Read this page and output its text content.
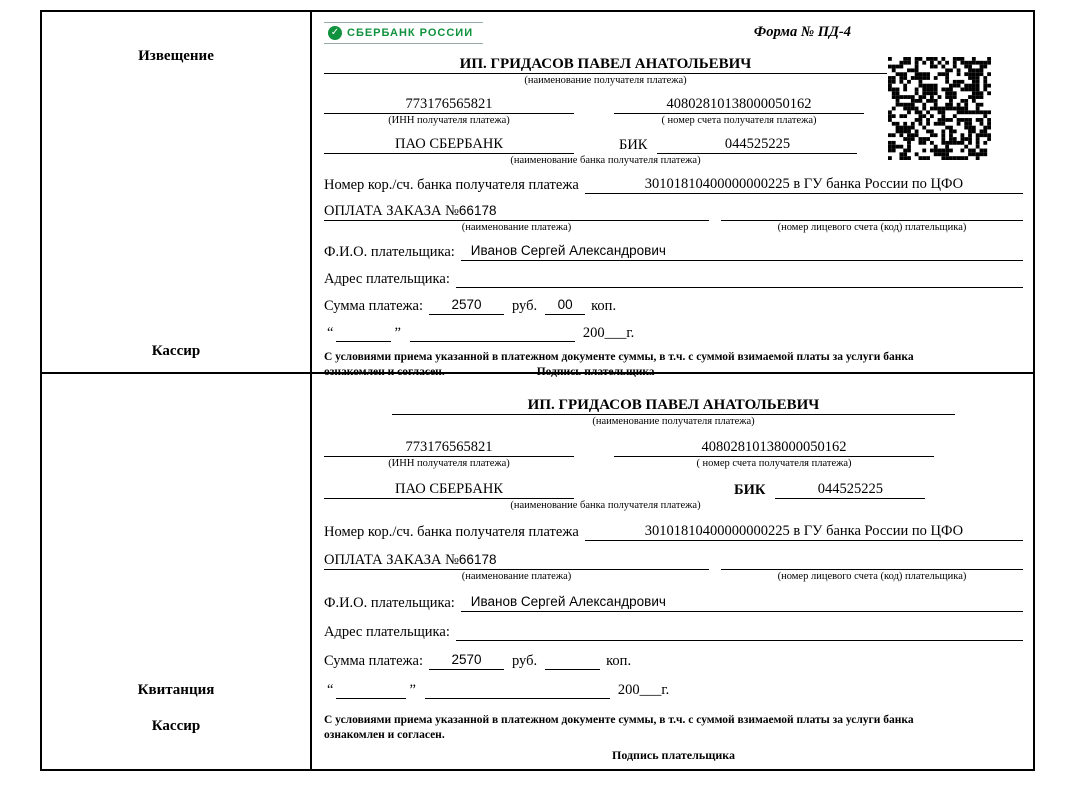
Извещение
Кассир
✓ СБЕРБАНК РОССИИ	Форма № ПД-4
ИП. ГРИДАСОВ ПАВЕЛ АНАТОЛЬЕВИЧ
(наименование получателя платежа)
773176565821	40802810138000050162
(ИНН получателя платежа)	( номер счета получателя платежа)
ПАО СБЕРБАНК	БИК	044525225
(наименование банка получателя платежа)
Номер кор./сч. банка получателя платежа	30101810400000000225 в ГУ банка России по ЦФО
ОПЛАТА ЗАКАЗА №66178
(наименование платежа)	(номер лицевого счета (код) плательщика)
Ф.И.О. плательщика:	Иванов Сергей Александрович
Адрес плательщика:
Сумма платежа:	2570	руб.	00	коп.
“	”	200___г.
С условиями приема указанной в платежном документе суммы, в т.ч. с суммой взимаемой платы за услуги банка
ознакомлен и согласен.	Подпись плательщика
Квитанция
Кассир
ИП. ГРИДАСОВ ПАВЕЛ АНАТОЛЬЕВИЧ
(наименование получателя платежа)
773176565821	40802810138000050162
(ИНН получателя платежа)	( номер счета получателя платежа)
ПАО СБЕРБАНК	БИК	044525225
(наименование банка получателя платежа)
Номер кор./сч. банка получателя платежа	30101810400000000225 в ГУ банка России по ЦФО
ОПЛАТА ЗАКАЗА №66178
(наименование платежа)	(номер лицевого счета (код) плательщика)
Ф.И.О. плательщика:	Иванов Сергей Александрович
Адрес плательщика:
Сумма платежа:	2570	руб.	коп.
“	”	200___г.
С условиями приема указанной в платежном документе суммы, в т.ч. с суммой взимаемой платы за услуги банка
ознакомлен и согласен.
Подпись плательщика
